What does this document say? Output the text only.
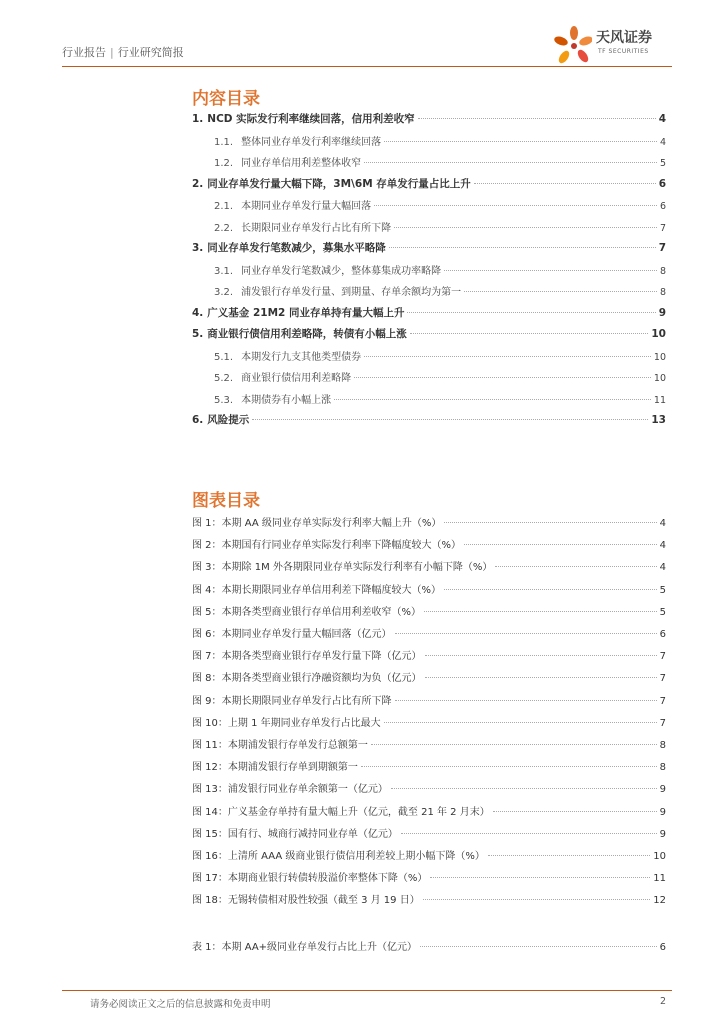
行业报告 | 行业研究简报
天风证券
TF SECURITIES
内容目录
1. NCD 实际发行利率继续回落，信用利差收窄	4
1.1. 整体同业存单发行利率继续回落	4
1.2. 同业存单信用利差整体收窄	5
2. 同业存单发行量大幅下降，3M\6M 存单发行量占比上升	6
2.1. 本期同业存单发行量大幅回落	6
2.2. 长期限同业存单发行占比有所下降	7
3. 同业存单发行笔数减少，募集水平略降	7
3.1. 同业存单发行笔数减少，整体募集成功率略降	8
3.2. 浦发银行存单发行量、到期量、存单余额均为第一	8
4. 广义基金 21M2 同业存单持有量大幅上升	9
5. 商业银行债信用利差略降，转债有小幅上涨	10
5.1. 本期发行九支其他类型债券	10
5.2. 商业银行债信用利差略降	10
5.3. 本期债券有小幅上涨	11
6. 风险提示	13
图表目录
图 1：本期 AA 级同业存单实际发行利率大幅上升（%）	4
图 2：本期国有行同业存单实际发行利率下降幅度较大（%）	4
图 3：本期除 1M 外各期限同业存单实际发行利率有小幅下降（%）	4
图 4：本期长期限同业存单信用利差下降幅度较大（%）	5
图 5：本期各类型商业银行存单信用利差收窄（%）	5
图 6：本期同业存单发行量大幅回落（亿元）	6
图 7：本期各类型商业银行存单发行量下降（亿元）	7
图 8：本期各类型商业银行净融资额均为负（亿元）	7
图 9：本期长期限同业存单发行占比有所下降	7
图 10：上期 1 年期同业存单发行占比最大	7
图 11：本期浦发银行存单发行总额第一	8
图 12：本期浦发银行存单到期额第一	8
图 13：浦发银行同业存单余额第一（亿元）	9
图 14：广义基金存单持有量大幅上升（亿元，截至 21 年 2 月末）	9
图 15：国有行、城商行减持同业存单（亿元）	9
图 16：上清所 AAA 级商业银行债信用利差较上期小幅下降（%）	10
图 17：本期商业银行转债转股溢价率整体下降（%）	11
图 18：无锡转债相对股性较强（截至 3 月 19 日）	12
表 1：本期 AA+级同业存单发行占比上升（亿元）	6
请务必阅读正文之后的信息披露和免责申明	2
